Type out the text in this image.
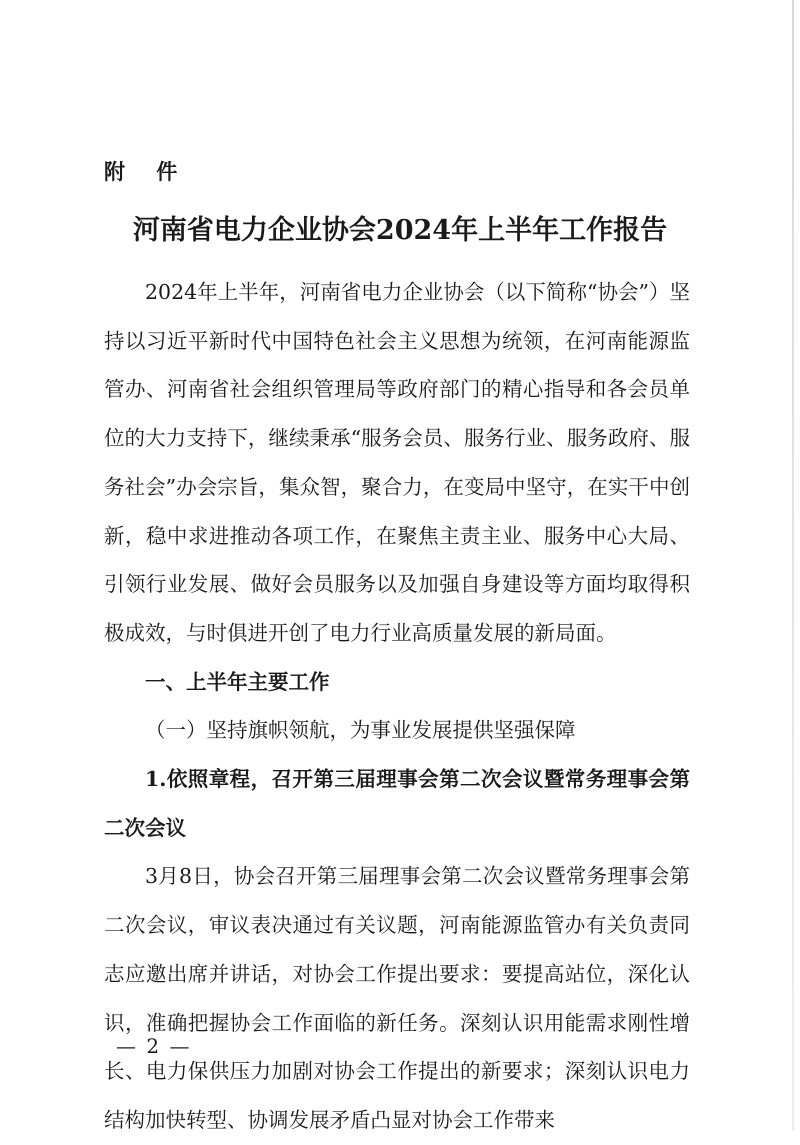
附 件
河南省电力企业协会2024年上半年工作报告

2024年上半年，河南省电力企业协会（以下简称“协会”）坚持以习近平新时代中国特色社会主义思想为统领，在河南能源监管办、河南省社会组织管理局等政府部门的精心指导和各会员单位的大力支持下，继续秉承“服务会员、服务行业、服务政府、服务社会”办会宗旨，集众智，聚合力，在变局中坚守，在实干中创新，稳中求进推动各项工作，在聚焦主责主业、服务中心大局、引领行业发展、做好会员服务以及加强自身建设等方面均取得积极成效，与时俱进开创了电力行业高质量发展的新局面。

一、上半年主要工作

（一）坚持旗帜领航，为事业发展提供坚强保障

1.依照章程，召开第三届理事会第二次会议暨常务理事会第二次会议

3月8日，协会召开第三届理事会第二次会议暨常务理事会第二次会议，审议表决通过有关议题，河南能源监管办有关负责同志应邀出席并讲话，对协会工作提出要求：要提高站位，深化认识，准确把握协会工作面临的新任务。深刻认识用能需求刚性增长、电力保供压力加剧对协会工作提出的新要求；深刻认识电力结构加快转型、协调发展矛盾凸显对协会工作带来

— 2 —
